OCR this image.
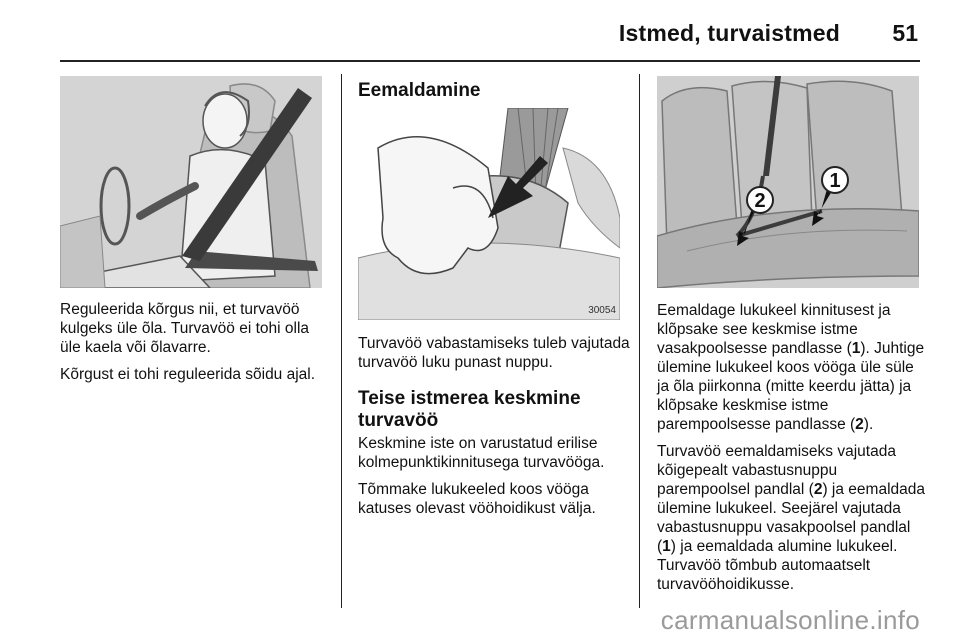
Istmed, turvaistmed 51

Reguleerida kõrgus nii, et turvavöö kulgeks üle õla. Turvavöö ei tohi olla üle kaela või õlavarre.

Kõrgust ei tohi reguleerida sõidu ajal.

Eemaldamine
30054

Turvavöö vabastamiseks tuleb vajutada turvavöö luku punast nuppu.

Teise istmerea keskmine turvavöö

Keskmine iste on varustatud erilise kolmepunktikinnitusega turvavööga.

Tõmmake lukukeeled koos vööga katuses olevast vööhoidikust välja.

2
1

Eemaldage lukukeel kinnitusest ja klõpsake see keskmise istme vasakpoolsesse pandlasse (1). Juhtige ülemine lukukeel koos vööga üle süle ja õla piirkonna (mitte keerdu jätta) ja klõpsake keskmise istme parempoolsesse pandlasse (2).

Turvavöö eemaldamiseks vajutada kõigepealt vabastusnuppu parempoolsel pandlal (2) ja eemaldada ülemine lukukeel. Seejärel vajutada vabastusnuppu vasakpoolsel pandlal (1) ja eemaldada alumine lukukeel. Turvavöö tõmbub automaatselt turvavööhoidikusse.

carmanualsonline.info
